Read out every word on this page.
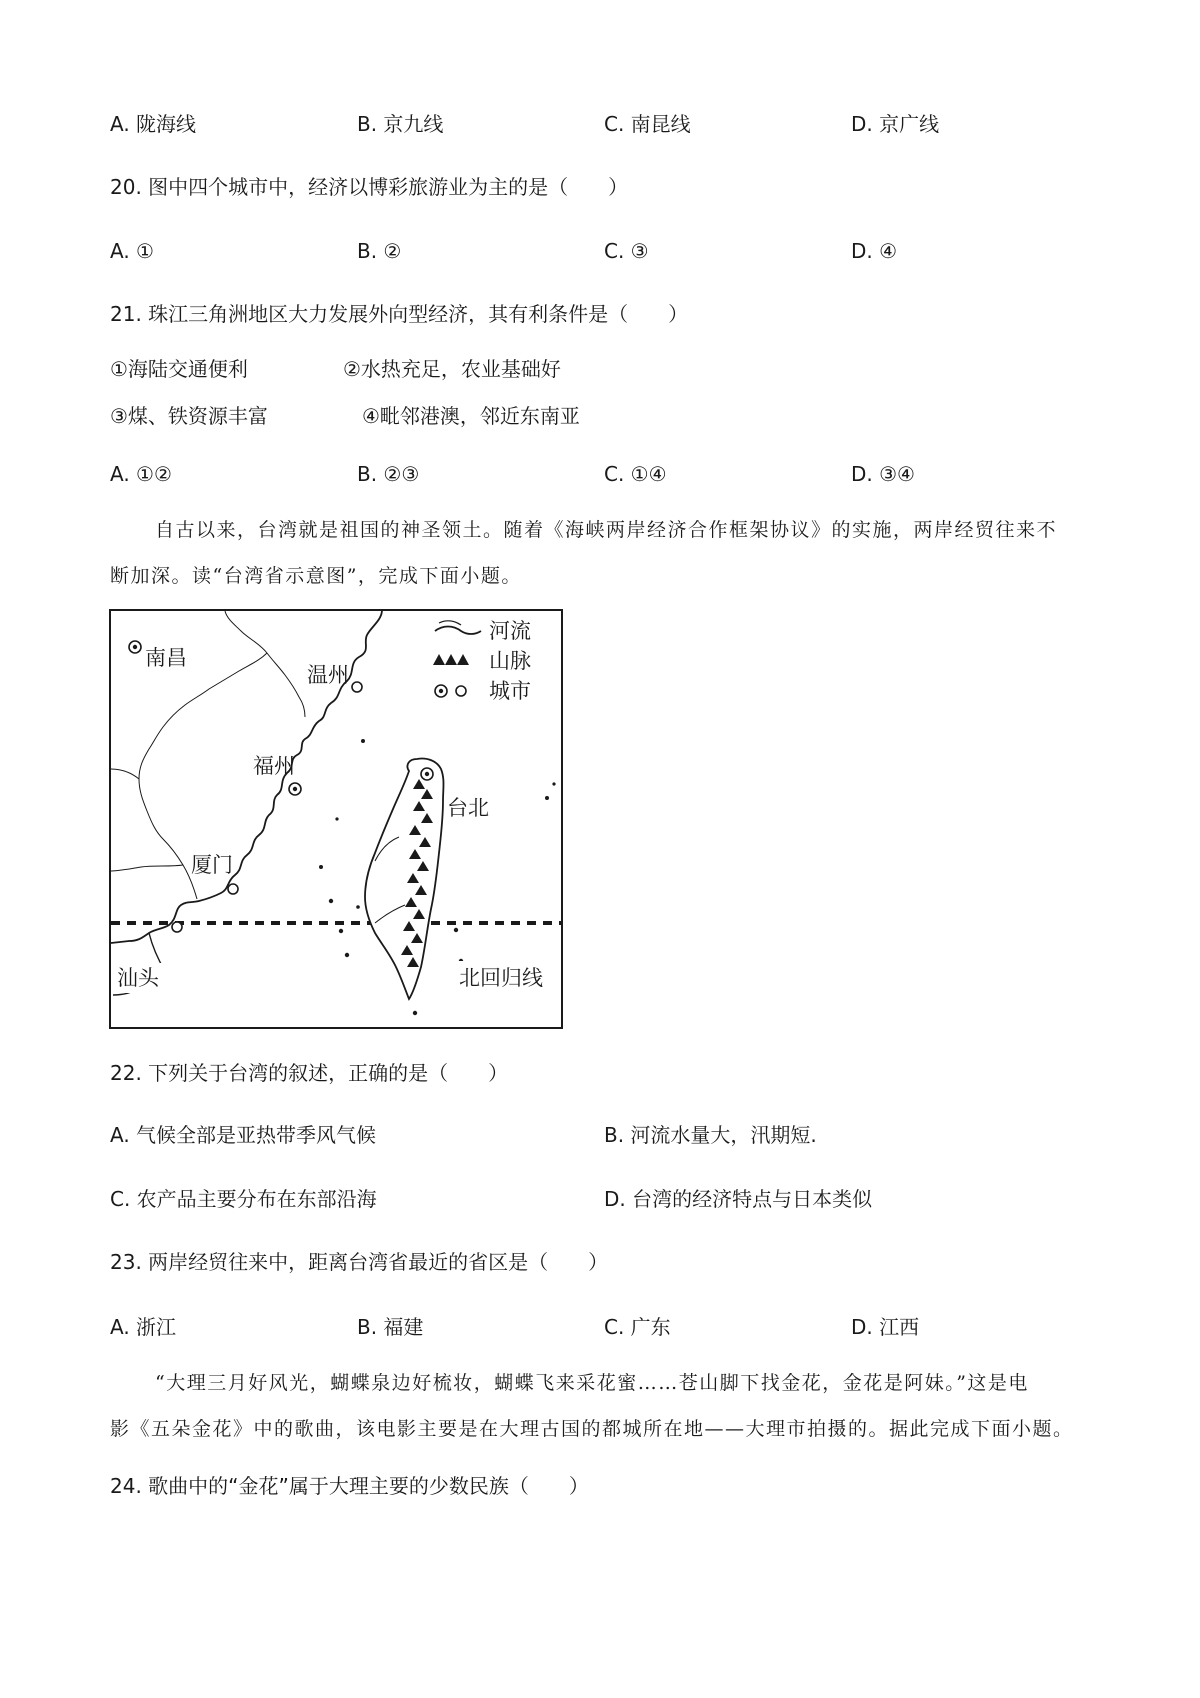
A. 陇海线	B. 京九线	C. 南昆线	D. 京广线
20. 图中四个城市中，经济以博彩旅游业为主的是（　　）
A. ①	B. ②	C. ③	D. ④
21. 珠江三角洲地区大力发展外向型经济，其有利条件是（　　）
①海陆交通便利	②水热充足，农业基础好
③煤、铁资源丰富	④毗邻港澳，邻近东南亚
A. ①②	B. ②③	C. ①④	D. ③④
自古以来，台湾就是祖国的神圣领土。随着《海峡两岸经济合作框架协议》的实施，两岸经贸往来不
断加深。读“台湾省示意图”，完成下面小题。
南昌
温州
福州
厦门
汕头
台北
北回归线
河流
山脉
城市
22. 下列关于台湾的叙述，正确的是（　　）
A. 气候全部是亚热带季风气候	B. 河流水量大，汛期短.
C. 农产品主要分布在东部沿海	D. 台湾的经济特点与日本类似
23. 两岸经贸往来中，距离台湾省最近的省区是（　　）
A. 浙江	B. 福建	C. 广东	D. 江西
“大理三月好风光，蝴蝶泉边好梳妆，蝴蝶飞来采花蜜……苍山脚下找金花，金花是阿妹。”这是电
影《五朵金花》中的歌曲，该电影主要是在大理古国的都城所在地——大理市拍摄的。据此完成下面小题。
24. 歌曲中的“金花”属于大理主要的少数民族（　　）
